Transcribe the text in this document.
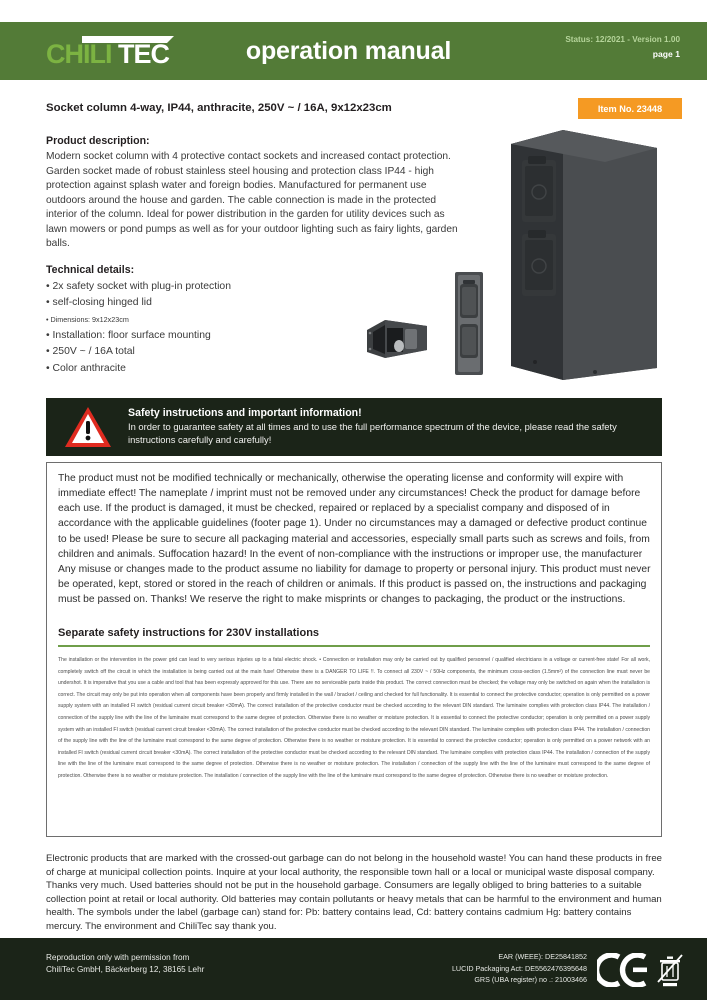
CHILI TEC	operation manual	Status: 12/2021 - Version 1.00
page 1
Socket column 4-way, IP44, anthracite, 250V ~ / 16A, 9x12x23cm	Item No. 23448
Product description:
Modern socket column with 4 protective contact sockets and increased contact protection. Garden socket made of robust stainless steel housing and protection class IP44 - high protection against splash water and foreign bodies. Manufactured for permanent use outdoors around the house and garden. The cable connection is made in the protected interior of the column. Ideal for power distribution in the garden for utility devices such as lawn mowers or pond pumps as well as for your outdoor lighting such as fairy lights, garden balls.
Technical details:
• 2x safety socket with plug-in protection
• self-closing hinged lid
• Dimensions: 9x12x23cm
• Installation: floor surface mounting
• 250V ~ / 16A total
• Color anthracite
Safety instructions and important information!
In order to guarantee safety at all times and to use the full performance spectrum of the device, please read the safety instructions carefully and carefully!
The product must not be modified technically or mechanically, otherwise the operating license and conformity will expire with immediate effect! The nameplate / imprint must not be removed under any circumstances! Check the product for damage before each use. If the product is damaged, it must be checked, repaired or replaced by a specialist company and disposed of in accordance with the applicable guidelines (footer page 1). Under no circumstances may a damaged or defective product continue to be used! Please be sure to secure all packaging material and accessories, especially small parts such as screws and foils, from children and animals. Suffocation hazard! In the event of non-compliance with the instructions or improper use, the manufacturer Any misuse or changes made to the product assume no liability for damage to property or personal injury. This product must never be operated, kept, stored or stored in the reach of children or animals. If this product is passed on, the instructions and packaging must be passed on. Thanks! We reserve the right to make misprints or changes to packaging, the product or the instructions.
Separate safety instructions for 230V installations
The installation or the intervention in the power grid can lead to very serious injuries up to a fatal electric shock. • Connection or installation may only be carried out by qualified personnel / qualified electricians in a voltage or current-free state! For all work, completely switch off the circuit in which the installation is being carried out at the main fuse! Otherwise there is a DANGER TO LIFE !!. To connect all 230V ~ / 50Hz components, the minimum cross-section (1.5mm²) of the connection line must never be undershot. It is imperative that you use a cable and tool that has been expressly approved for this use. There are no serviceable parts inside this product. The correct connection must be checked; the voltage may only be switched on again when the installation is correct. The circuit may only be put into operation when all components have been properly and firmly installed in the wall / bracket / ceiling and checked for full functionality. It is essential to connect the protective conductor; operation is only permitted on a power supply system with an installed FI switch (residual current circuit breaker <30mA). The correct installation of the protective conductor must be checked according to the relevant DIN standard. The luminaire complies with protection class IP44. The installation / connection of the supply line with the line of the luminaire must correspond to the same degree of protection. Otherwise there is no weather or moisture protection. It is essential to connect the protective conductor; operation is only permitted on a power supply system with an installed FI switch (residual current circuit breaker <30mA). The correct installation of the protective conductor must be checked according to the relevant DIN standard. The luminaire complies with protection class IP44. The installation / connection of the supply line with the line of the luminaire must correspond to the same degree of protection. Otherwise there is no weather or moisture protection. It is essential to connect the protective conductor; operation is only permitted on a power network with an installed FI switch (residual current circuit breaker <30mA). The correct installation of the protective conductor must be checked according to the relevant DIN standard. The luminaire complies with protection class IP44. The installation / connection of the supply line with the line of the luminaire must correspond to the same degree of protection. Otherwise there is no weather or moisture protection. The installation / connection of the supply line with the line of the luminaire must correspond to the same degree of protection. Otherwise there is no weather or moisture protection. The installation / connection of the supply line with the line of the luminaire must correspond to the same degree of protection. Otherwise there is no weather or moisture protection.
Electronic products that are marked with the crossed-out garbage can do not belong in the household waste! You can hand these products in free of charge at municipal collection points. Inquire at your local authority, the responsible town hall or a local or municipal waste disposal company. Thanks very much. Used batteries should not be put in the household garbage. Consumers are legally obliged to bring batteries to a suitable collection point at retail or local authority. Old batteries may contain pollutants or heavy metals that can be harmful to the environment and human health. The symbols under the label (garbage can) stand for: Pb: battery contains lead, Cd: battery contains cadmium Hg: battery contains mercury. The environment and ChiliTec say thank you.
Reproduction only with permission from
ChiliTec GmbH, Bäckerberg 12, 38165 Lehr
EAR (WEEE): DE25841852
LUCID Packaging Act: DE5562476395648
GRS (UBA register) no .: 21003466
